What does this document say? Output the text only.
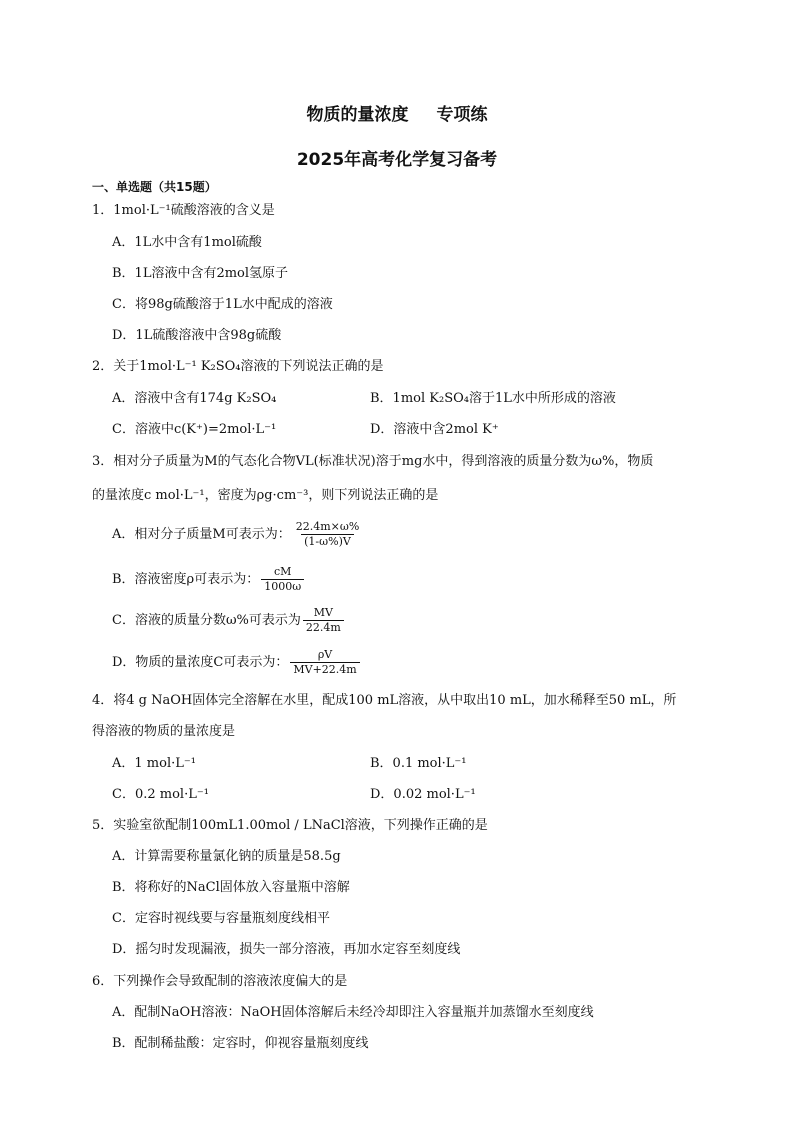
物质的量浓度 专项练
2025年高考化学复习备考
一、单选题（共15题）
1．1mol·L⁻¹硫酸溶液的含义是
A．1L水中含有1mol硫酸
B．1L溶液中含有2mol氢原子
C．将98g硫酸溶于1L水中配成的溶液
D．1L硫酸溶液中含98g硫酸
2．关于1mol·L⁻¹ K₂SO₄溶液的下列说法正确的是
A．溶液中含有174g K₂SO₄	B．1mol K₂SO₄溶于1L水中所形成的溶液
C．溶液中c(K⁺)=2mol·L⁻¹	D．溶液中含2mol K⁺
3．相对分子质量为M的气态化合物VL(标准状况)溶于mg水中，得到溶液的质量分数为ω%，物质
的量浓度c mol·L⁻¹，密度为ρg·cm⁻³，则下列说法正确的是
A．相对分子质量M可表示为： $\frac{22.4m\times\omega\%}{(1-\omega\%)V}$
B．溶液密度ρ可表示为： $\frac{cM}{1000\omega}$
C．溶液的质量分数ω%可表示为 $\frac{MV}{22.4m}$
D．物质的量浓度C可表示为： $\frac{\rho V}{MV+22.4m}$
4．将4 g NaOH固体完全溶解在水里，配成100 mL溶液，从中取出10 mL，加水稀释至50 mL，所
得溶液的物质的量浓度是
A．1 mol·L⁻¹	B．0.1 mol·L⁻¹
C．0.2 mol·L⁻¹	D．0.02 mol·L⁻¹
5．实验室欲配制100mL1.00mol / LNaCl溶液，下列操作正确的是
A．计算需要称量氯化钠的质量是58.5g
B．将称好的NaCl固体放入容量瓶中溶解
C．定容时视线要与容量瓶刻度线相平
D．摇匀时发现漏液，损失一部分溶液，再加水定容至刻度线
6．下列操作会导致配制的溶液浓度偏大的是
A．配制NaOH溶液：NaOH固体溶解后未经冷却即注入容量瓶并加蒸馏水至刻度线
B．配制稀盐酸：定容时，仰视容量瓶刻度线
